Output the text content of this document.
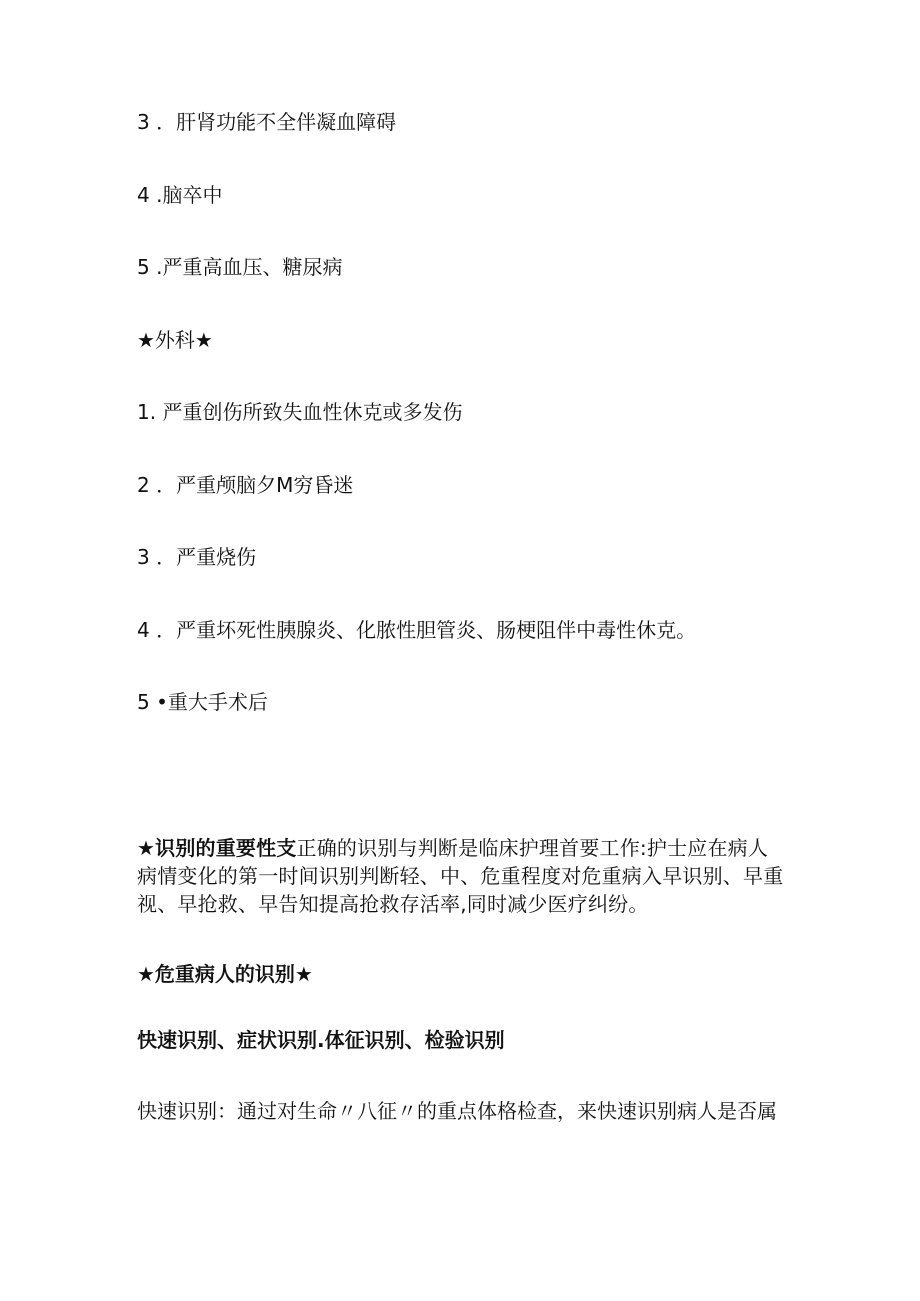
3 ．肝肾功能不全伴凝血障碍
4 .脑卒中
5 .严重高血压、糖尿病
★外科★
1. 严重创伤所致失血性休克或多发伤
2 ．严重颅脑夕M穷昏迷
3 ．严重烧伤
4 ．严重坏死性胰腺炎、化脓性胆管炎、肠梗阻伴中毒性休克。
5 •重大手术后
★识别的重要性支正确的识别与判断是临床护理首要工作:护士应在病人病情变化的第一时间识别判断轻、中、危重程度对危重病入早识别、早重视、早抢救、早告知提高抢救存活率,同时减少医疗纠纷。
★危重病人的识别★
快速识别、症状识别.体征识别、检验识别
快速识别：通过对生命〃八征〃的重点体格检查，来快速识别病人是否属
